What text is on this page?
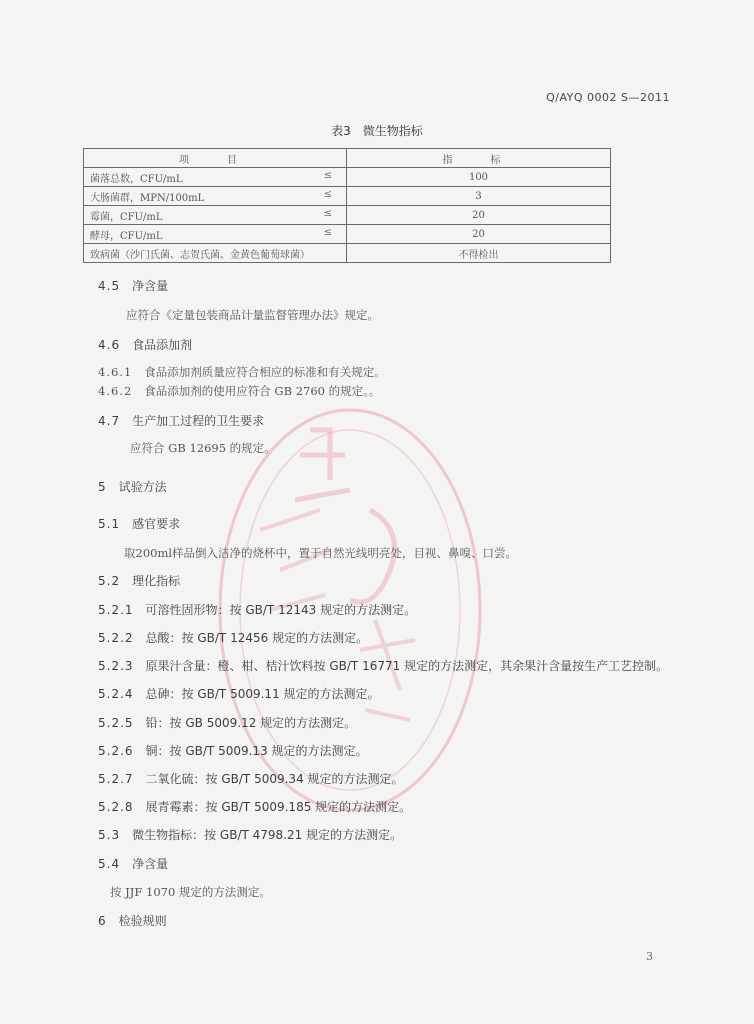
Q/AYQ 0002 S—2011
表3　微生物指标
项　目	指　标
菌落总数，CFU/mL ≤	100
大肠菌群，MPN/100mL ≤	3
霉菌，CFU/mL ≤	20
酵母，CFU/mL ≤	20
致病菌（沙门氏菌、志贺氏菌、金黄色葡萄球菌）	不得检出
4.5 净含量
应符合《定量包装商品计量监督管理办法》规定。
4.6 食品添加剂
4.6.1 食品添加剂质量应符合相应的标准和有关规定。
4.6.2 食品添加剂的使用应符合 GB 2760 的规定。。
4.7 生产加工过程的卫生要求
应符合 GB 12695 的规定。
5 试验方法
5.1 感官要求
取200ml样品倒入洁净的烧杯中，置于自然光线明亮处，目视、鼻嗅、口尝。
5.2 理化指标
5.2.1 可溶性固形物：按 GB/T 12143 规定的方法测定。
5.2.2 总酸：按 GB/T 12456 规定的方法测定。
5.2.3 原果汁含量：橙、柑、桔汁饮料按 GB/T 16771 规定的方法测定，其余果汁含量按生产工艺控制。
5.2.4 总砷：按 GB/T 5009.11 规定的方法测定。
5.2.5 铅：按 GB 5009.12 规定的方法测定。
5.2.6 铜：按 GB/T 5009.13 规定的方法测定。
5.2.7 二氧化硫：按 GB/T 5009.34 规定的方法测定。
5.2.8 展青霉素：按 GB/T 5009.185 规定的方法测定。
5.3 微生物指标：按 GB/T 4798.21 规定的方法测定。
5.4 净含量
按 JJF 1070 规定的方法测定。
6 检验规则
3
